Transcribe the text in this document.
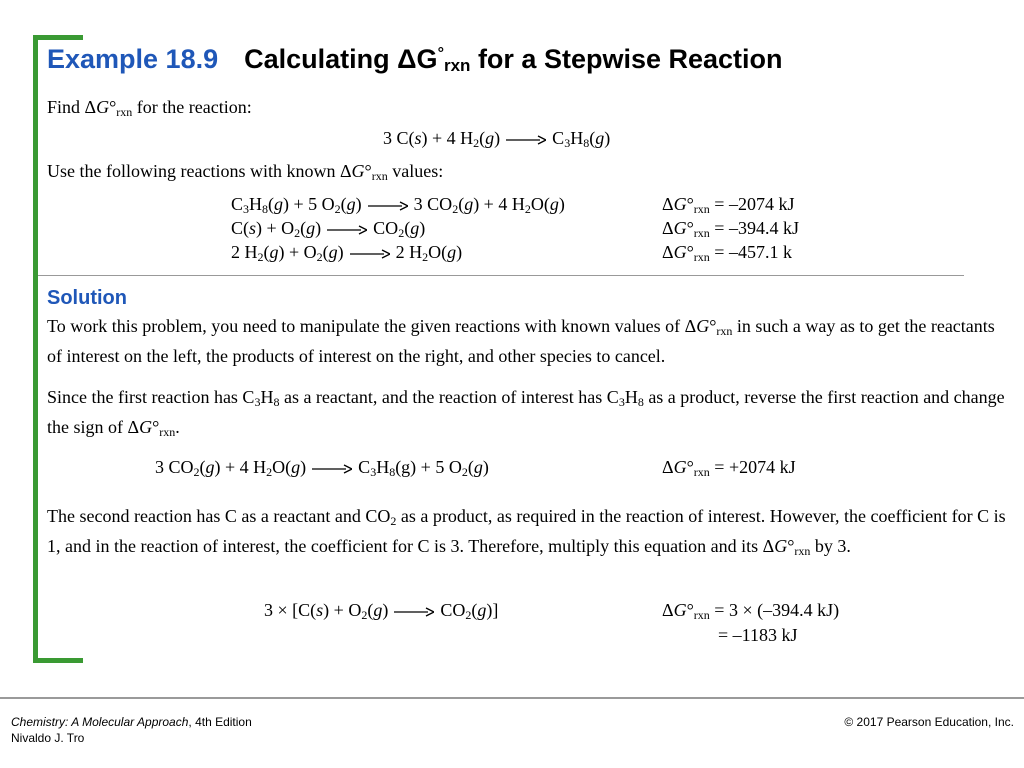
Example 18.9 Calculating $\Delta G^\circ_{rxn}$ for a Stepwise Reaction
Find $\Delta G^\circ_{rxn}$ for the reaction:
3 C(s) + 4 $H_2(g) \to C_3H_8(g)$
Use the following reactions with known $\Delta G^\circ_{rxn}$ values:
$C_3H_8(g) + 5$ $O_2(g) \to 3$ $CO_2(g) + 4$ $H_2O(g)$	$\Delta G^\circ_{rxn} = -2074$ kJ
$C(s) + O_2(g) \to CO_2(g)$	$\Delta G^\circ_{rxn} = -394.4$ kJ
2 $H_2(g) + O_2(g) \to 2$ $H_2O(g)$	$\Delta G^\circ_{rxn} = -457.1$ k
Solution
To work this problem, you need to manipulate the given reactions with known values of $\Delta G^\circ_{rxn}$ in such a way as to get the reactants of interest on the left, the products of interest on the right, and other species to cancel.
Since the first reaction has $C_3H_8$ as a reactant, and the reaction of interest has $C_3H_8$ as a product, reverse the first reaction and change the sign of $\Delta G^\circ_{rxn}$.
3 $CO_2(g) + 4$ $H_2O(g) \to C_3H_8(g) + 5$ $O_2(g)$	$\Delta G^\circ_{rxn} = +2074$ kJ
The second reaction has C as a reactant and $CO_2$ as a product, as required in the reaction of interest. However, the coefficient for C is 1, and in the reaction of interest, the coefficient for C is 3. Therefore, multiply this equation and its $\Delta G^\circ_{rxn}$ by 3.
$3 \times [C(s) + O_2(g) \to CO_2(g)]$	$\Delta G^\circ_{rxn} = 3 \times (-394.4$ kJ)
= –1183 kJ
Chemistry: A Molecular Approach, 4th Edition
Nivaldo J. Tro
© 2017 Pearson Education, Inc.
